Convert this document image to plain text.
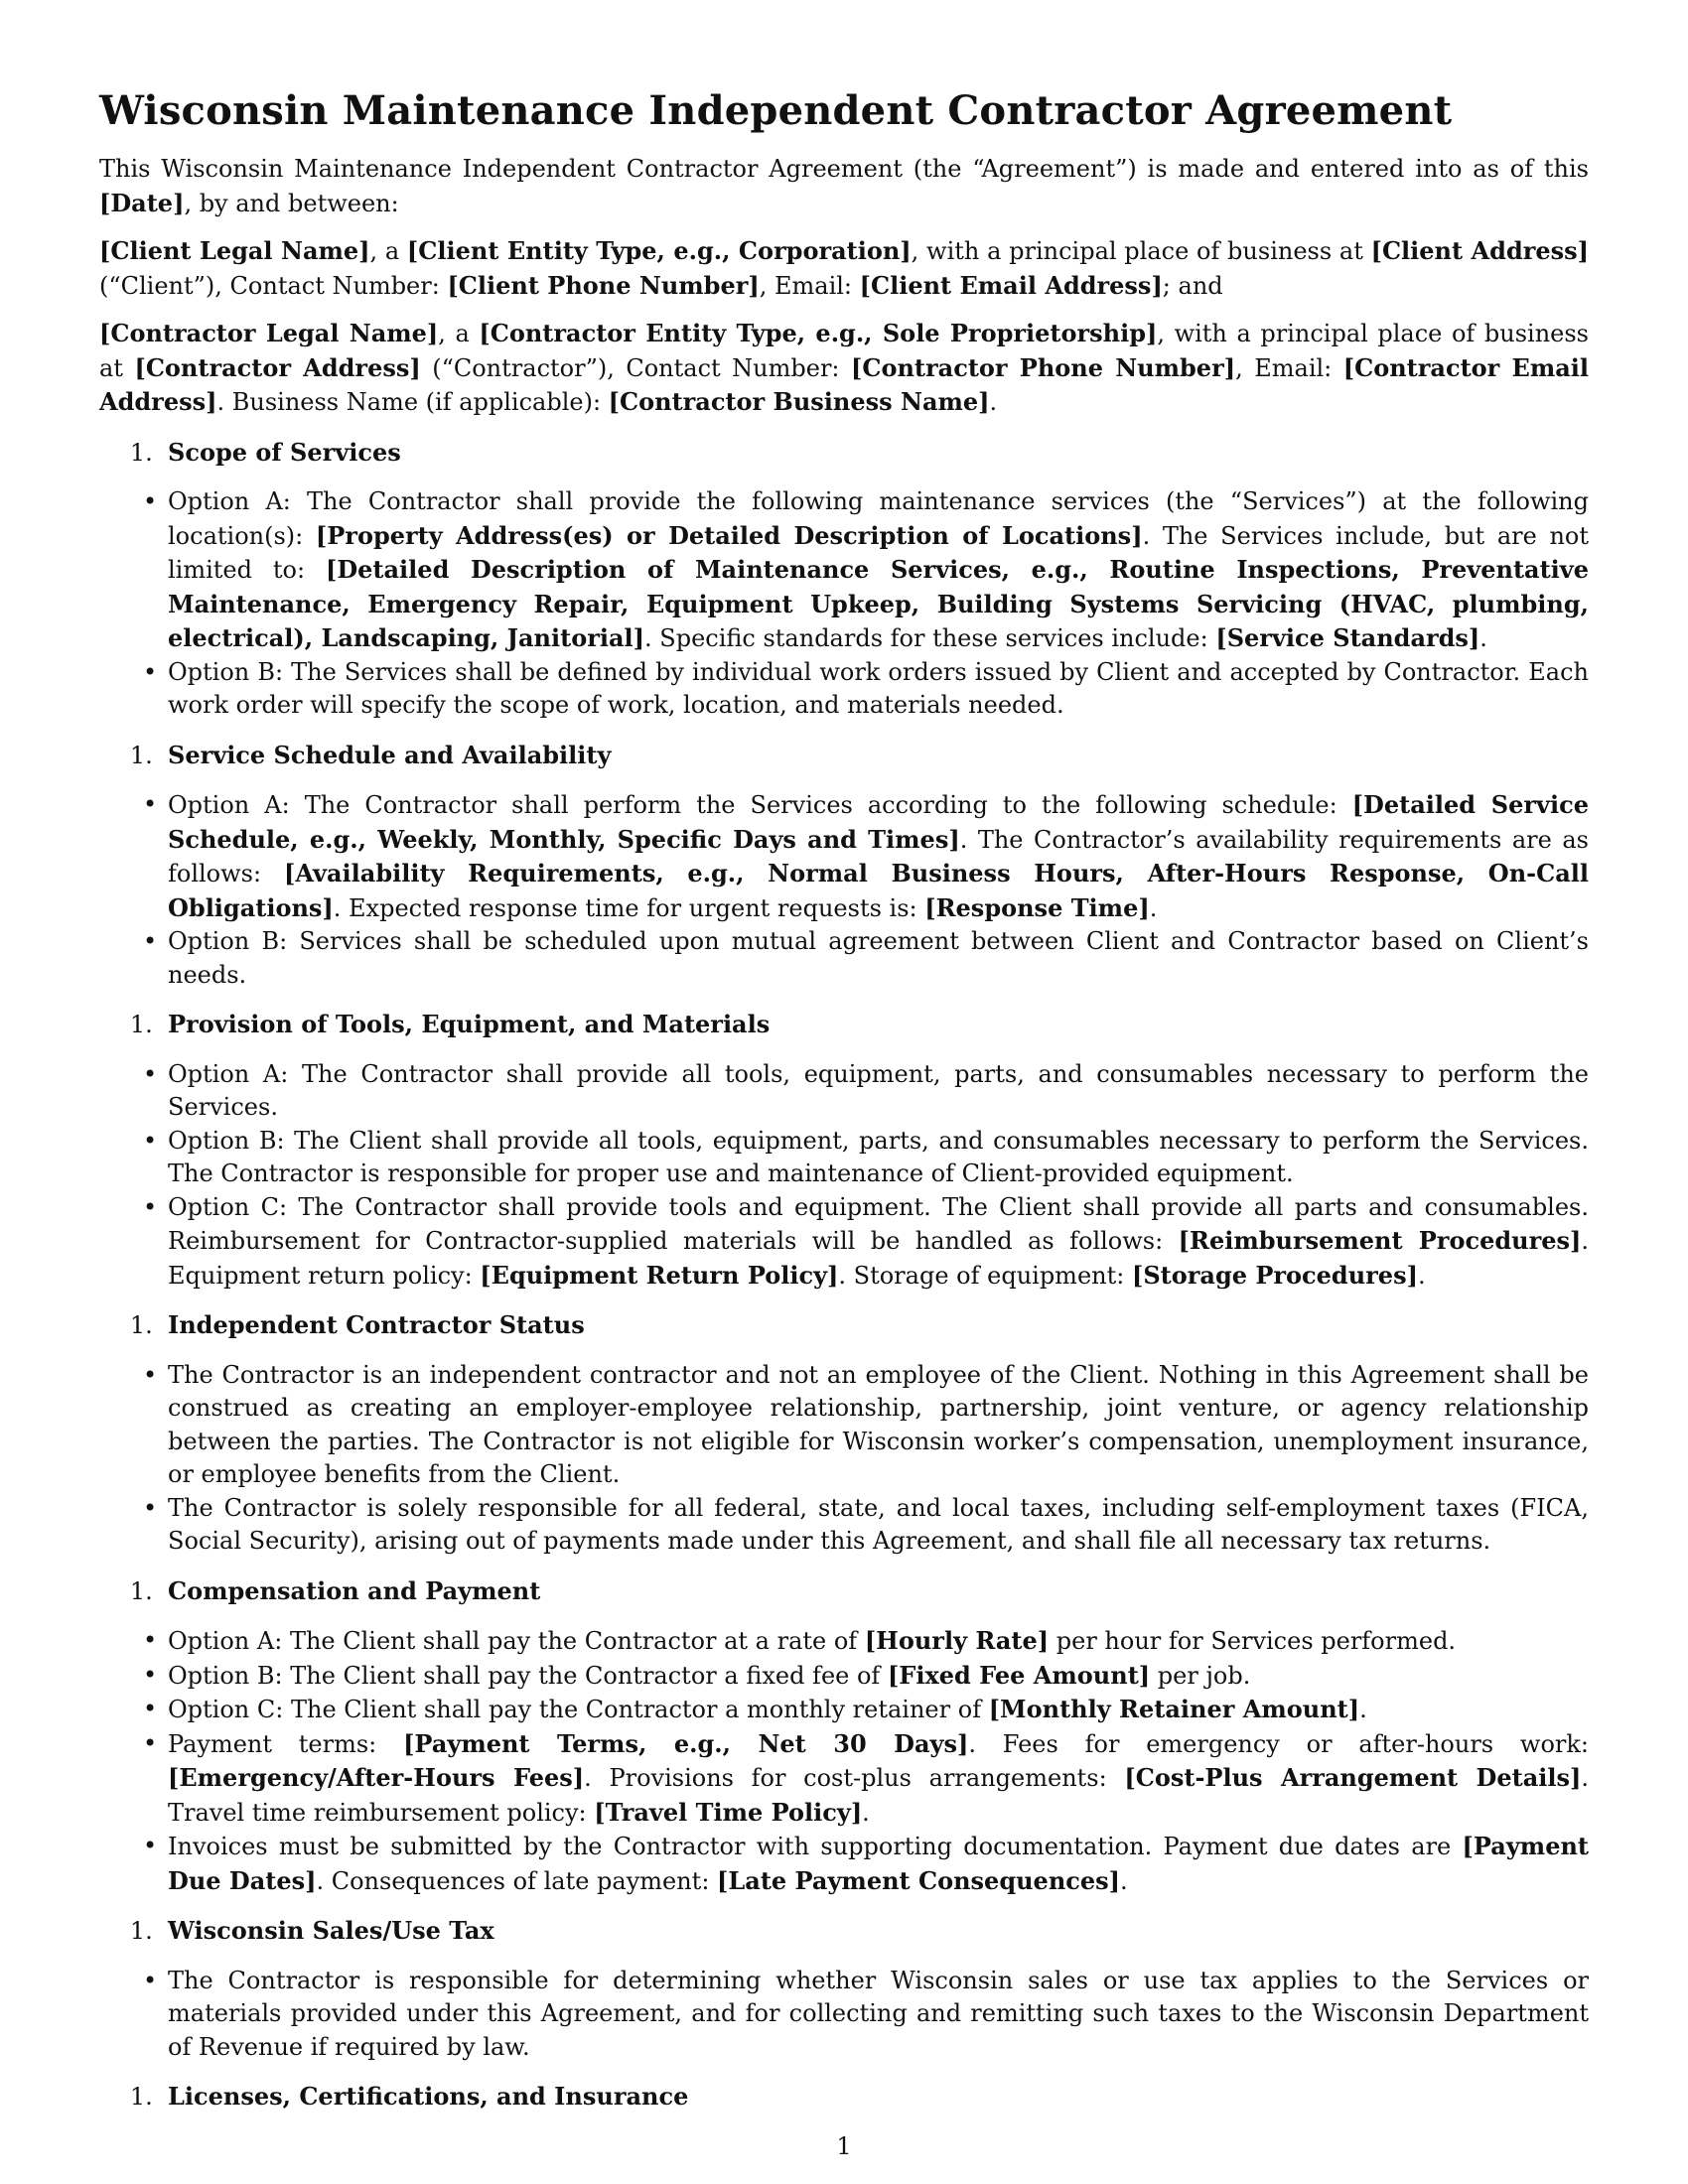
Wisconsin Maintenance Independent Contractor Agreement

This Wisconsin Maintenance Independent Contractor Agreement (the “Agreement”) is made and entered into as of this [Date], by and between:

[Client Legal Name], a [Client Entity Type, e.g., Corporation], with a principal place of business at [Client Address] (“Client”), Contact Number: [Client Phone Number], Email: [Client Email Address]; and

[Contractor Legal Name], a [Contractor Entity Type, e.g., Sole Proprietorship], with a principal place of business at [Contractor Address] (“Contractor”), Contact Number: [Contractor Phone Number], Email: [Contractor Email Address]. Business Name (if applicable): [Contractor Business Name].

1. Scope of Services
• Option A: The Contractor shall provide the following maintenance services (the “Services”) at the following location(s): [Property Address(es) or Detailed Description of Locations]. The Services include, but are not limited to: [Detailed Description of Maintenance Services, e.g., Routine Inspections, Preventative Maintenance, Emergency Repair, Equipment Upkeep, Building Systems Servicing (HVAC, plumbing, electrical), Landscaping, Janitorial]. Specific standards for these services include: [Service Standards].
• Option B: The Services shall be defined by individual work orders issued by Client and accepted by Contractor. Each work order will specify the scope of work, location, and materials needed.
1. Service Schedule and Availability
• Option A: The Contractor shall perform the Services according to the following schedule: [Detailed Service Schedule, e.g., Weekly, Monthly, Specific Days and Times]. The Contractor’s availability requirements are as follows: [Availability Requirements, e.g., Normal Business Hours, After-Hours Response, On-Call Obligations]. Expected response time for urgent requests is: [Response Time].
• Option B: Services shall be scheduled upon mutual agreement between Client and Contractor based on Client’s needs.
1. Provision of Tools, Equipment, and Materials
• Option A: The Contractor shall provide all tools, equipment, parts, and consumables necessary to perform the Services.
• Option B: The Client shall provide all tools, equipment, parts, and consumables necessary to perform the Services. The Contractor is responsible for proper use and maintenance of Client-provided equipment.
• Option C: The Contractor shall provide tools and equipment. The Client shall provide all parts and consumables. Reimbursement for Contractor-supplied materials will be handled as follows: [Reimbursement Procedures]. Equipment return policy: [Equipment Return Policy]. Storage of equipment: [Storage Procedures].
1. Independent Contractor Status
• The Contractor is an independent contractor and not an employee of the Client. Nothing in this Agreement shall be construed as creating an employer-employee relationship, partnership, joint venture, or agency relationship between the parties. The Contractor is not eligible for Wisconsin worker’s compensation, unemployment insurance, or employee benefits from the Client.
• The Contractor is solely responsible for all federal, state, and local taxes, including self-employment taxes (FICA, Social Security), arising out of payments made under this Agreement, and shall file all necessary tax returns.
1. Compensation and Payment
• Option A: The Client shall pay the Contractor at a rate of [Hourly Rate] per hour for Services performed.
• Option B: The Client shall pay the Contractor a fixed fee of [Fixed Fee Amount] per job.
• Option C: The Client shall pay the Contractor a monthly retainer of [Monthly Retainer Amount].
• Payment terms: [Payment Terms, e.g., Net 30 Days]. Fees for emergency or after-hours work: [Emergency/After-Hours Fees]. Provisions for cost-plus arrangements: [Cost-Plus Arrangement Details]. Travel time reimbursement policy: [Travel Time Policy].
• Invoices must be submitted by the Contractor with supporting documentation. Payment due dates are [Payment Due Dates]. Consequences of late payment: [Late Payment Consequences].
1. Wisconsin Sales/Use Tax
• The Contractor is responsible for determining whether Wisconsin sales or use tax applies to the Services or materials provided under this Agreement, and for collecting and remitting such taxes to the Wisconsin Department of Revenue if required by law.
1. Licenses, Certifications, and Insurance
1
